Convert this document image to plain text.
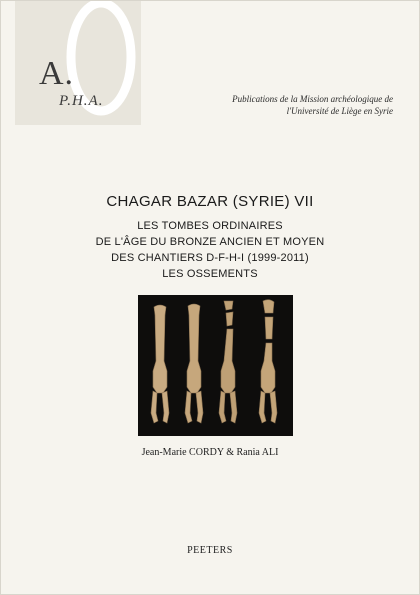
A.
P.H.A.	Publications de la Mission archéologique de
l'Université de Liège en Syrie
CHAGAR BAZAR (SYRIE) VII
LES TOMBES ORDINAIRES
DE L'ÂGE DU BRONZE ANCIEN ET MOYEN
DES CHANTIERS D-F-H-I (1999-2011)
LES OSSEMENTS
Jean-Marie CORDY & Rania ALI
PEETERS
